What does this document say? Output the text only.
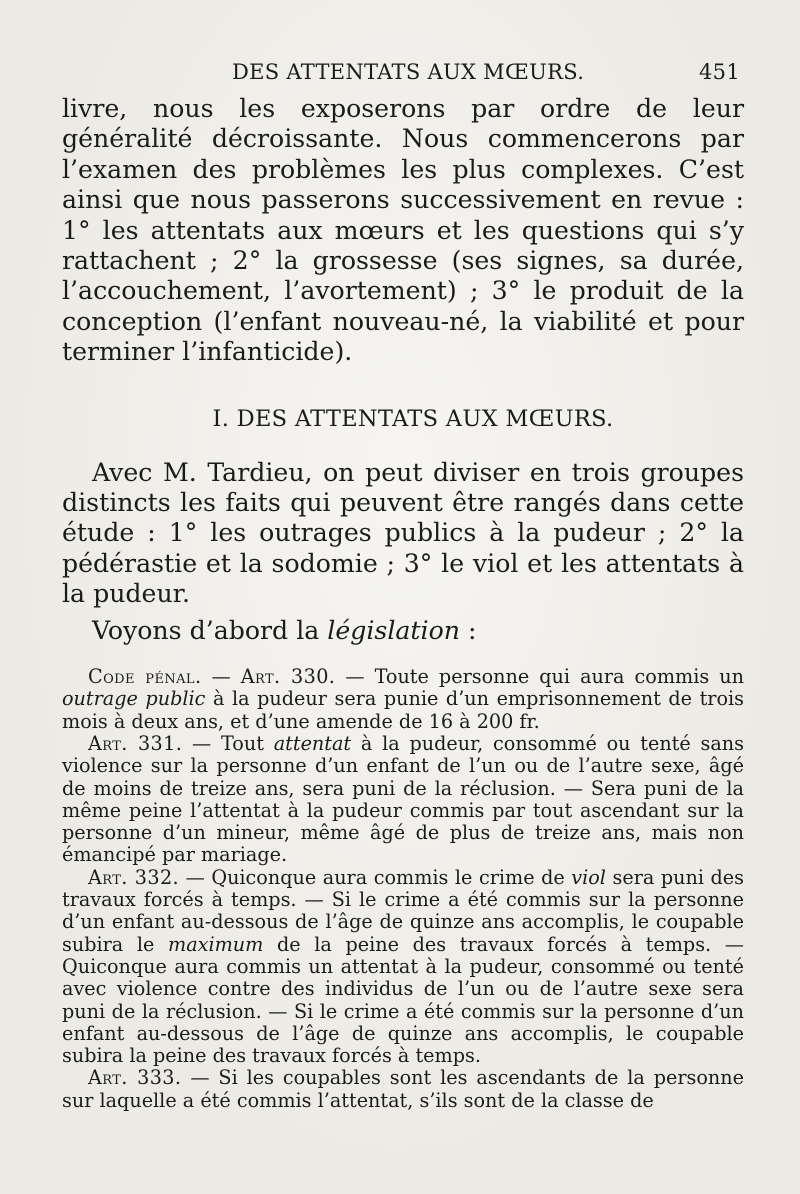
DES ATTENTATS AUX MŒURS.	451

livre, nous les exposerons par ordre de leur généralité décroissante. Nous commencerons par l’examen des problèmes les plus complexes. C’est ainsi que nous passerons successivement en revue : 1° les attentats aux mœurs et les questions qui s’y rattachent ; 2° la grossesse (ses signes, sa durée, l’accouchement, l’avortement) ; 3° le produit de la conception (l’enfant nouveau-né, la viabilité et pour terminer l’infanticide).

I. DES ATTENTATS AUX MŒURS.

Avec M. Tardieu, on peut diviser en trois groupes distincts les faits qui peuvent être rangés dans cette étude : 1° les outrages publics à la pudeur ; 2° la pédérastie et la sodomie ; 3° le viol et les attentats à la pudeur.

Voyons d’abord la législation :

Code pénal. — Art. 330. — Toute personne qui aura commis un outrage public à la pudeur sera punie d’un emprisonnement de trois mois à deux ans, et d’une amende de 16 à 200 fr.

Art. 331. — Tout attentat à la pudeur, consommé ou tenté sans violence sur la personne d’un enfant de l’un ou de l’autre sexe, âgé de moins de treize ans, sera puni de la réclusion. — Sera puni de la même peine l’attentat à la pudeur commis par tout ascendant sur la personne d’un mineur, même âgé de plus de treize ans, mais non émancipé par mariage.

Art. 332. — Quiconque aura commis le crime de viol sera puni des travaux forcés à temps. — Si le crime a été commis sur la personne d’un enfant au-dessous de l’âge de quinze ans accomplis, le coupable subira le maximum de la peine des travaux forcés à temps. — Quiconque aura commis un attentat à la pudeur, consommé ou tenté avec violence contre des individus de l’un ou de l’autre sexe sera puni de la réclusion. — Si le crime a été commis sur la personne d’un enfant au-dessous de l’âge de quinze ans accomplis, le coupable subira la peine des travaux forcés à temps.

Art. 333. — Si les coupables sont les ascendants de la personne sur laquelle a été commis l’attentat, s’ils sont de la classe de
